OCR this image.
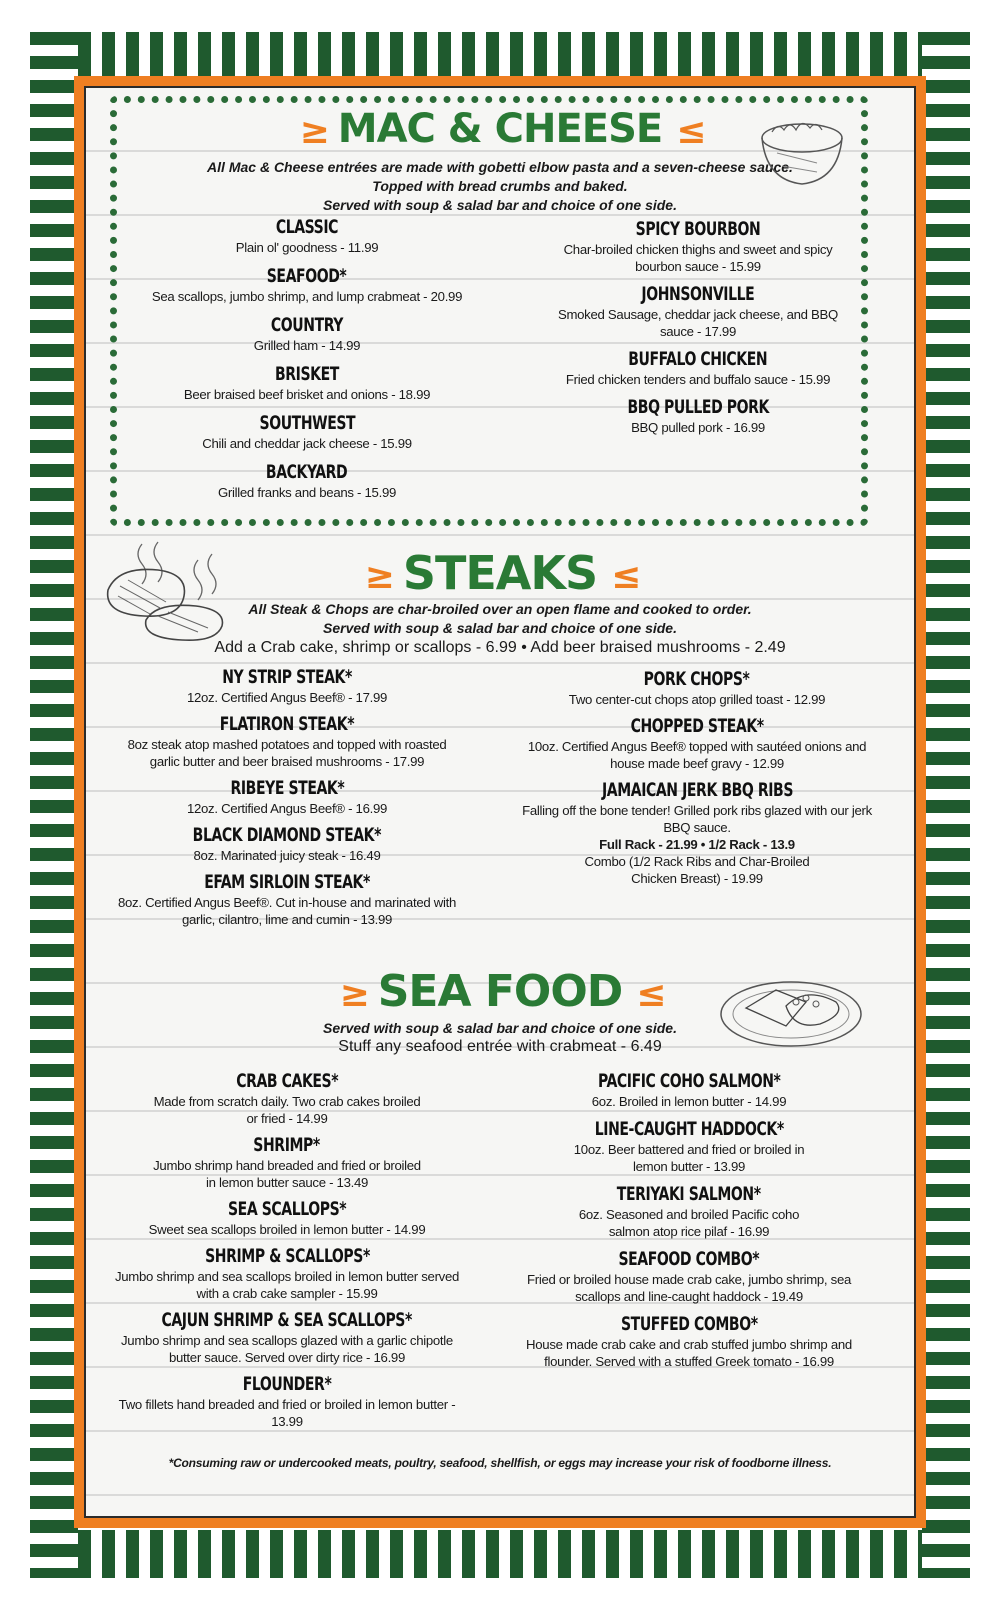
≥ MAC & CHEESE ≤
All Mac & Cheese entrées are made with gobetti elbow pasta and a seven-cheese sauce.
Topped with bread crumbs and baked.
Served with soup & salad bar and choice of one side.
CLASSIC
Plain ol' goodness - 11.99
SEAFOOD*
Sea scallops, jumbo shrimp, and lump crabmeat - 20.99
COUNTRY
Grilled ham - 14.99
BRISKET
Beer braised beef brisket and onions - 18.99
SOUTHWEST
Chili and cheddar jack cheese - 15.99
BACKYARD
Grilled franks and beans - 15.99
SPICY BOURBON
Char-broiled chicken thighs and sweet and spicy bourbon sauce - 15.99
JOHNSONVILLE
Smoked Sausage, cheddar jack cheese, and BBQ sauce - 17.99
BUFFALO CHICKEN
Fried chicken tenders and buffalo sauce - 15.99
BBQ PULLED PORK
BBQ pulled pork - 16.99
≥ STEAKS ≤
All Steak & Chops are char-broiled over an open flame and cooked to order.
Served with soup & salad bar and choice of one side.
Add a Crab cake, shrimp or scallops - 6.99 • Add beer braised mushrooms - 2.49
NY STRIP STEAK*
12oz. Certified Angus Beef® - 17.99
FLATIRON STEAK*
8oz steak atop mashed potatoes and topped with roasted garlic butter and beer braised mushrooms - 17.99
RIBEYE STEAK*
12oz. Certified Angus Beef® - 16.99
BLACK DIAMOND STEAK*
8oz. Marinated juicy steak - 16.49
EFAM SIRLOIN STEAK*
8oz. Certified Angus Beef®. Cut in-house and marinated with garlic, cilantro, lime and cumin - 13.99
PORK CHOPS*
Two center-cut chops atop grilled toast - 12.99
CHOPPED STEAK*
10oz. Certified Angus Beef® topped with sautéed onions and house made beef gravy - 12.99
JAMAICAN JERK BBQ RIBS
Falling off the bone tender! Grilled pork ribs glazed with our jerk BBQ sauce.
Full Rack - 21.99 • 1/2 Rack - 13.9
Combo (1/2 Rack Ribs and Char-Broiled Chicken Breast) - 19.99
≥ SEA FOOD ≤
Served with soup & salad bar and choice of one side.
Stuff any seafood entrée with crabmeat - 6.49
CRAB CAKES*
Made from scratch daily. Two crab cakes broiled or fried - 14.99
SHRIMP*
Jumbo shrimp hand breaded and fried or broiled in lemon butter sauce - 13.49
SEA SCALLOPS*
Sweet sea scallops broiled in lemon butter - 14.99
SHRIMP & SCALLOPS*
Jumbo shrimp and sea scallops broiled in lemon butter served with a crab cake sampler - 15.99
CAJUN SHRIMP & SEA SCALLOPS*
Jumbo shrimp and sea scallops glazed with a garlic chipotle butter sauce. Served over dirty rice - 16.99
FLOUNDER*
Two fillets hand breaded and fried or broiled in lemon butter - 13.99
PACIFIC COHO SALMON*
6oz. Broiled in lemon butter - 14.99
LINE-CAUGHT HADDOCK*
10oz. Beer battered and fried or broiled in lemon butter - 13.99
TERIYAKI SALMON*
6oz. Seasoned and broiled Pacific coho salmon atop rice pilaf - 16.99
SEAFOOD COMBO*
Fried or broiled house made crab cake, jumbo shrimp, sea scallops and line-caught haddock - 19.49
STUFFED COMBO*
House made crab cake and crab stuffed jumbo shrimp and flounder. Served with a stuffed Greek tomato - 16.99
*Consuming raw or undercooked meats, poultry, seafood, shellfish, or eggs may increase your risk of foodborne illness.
